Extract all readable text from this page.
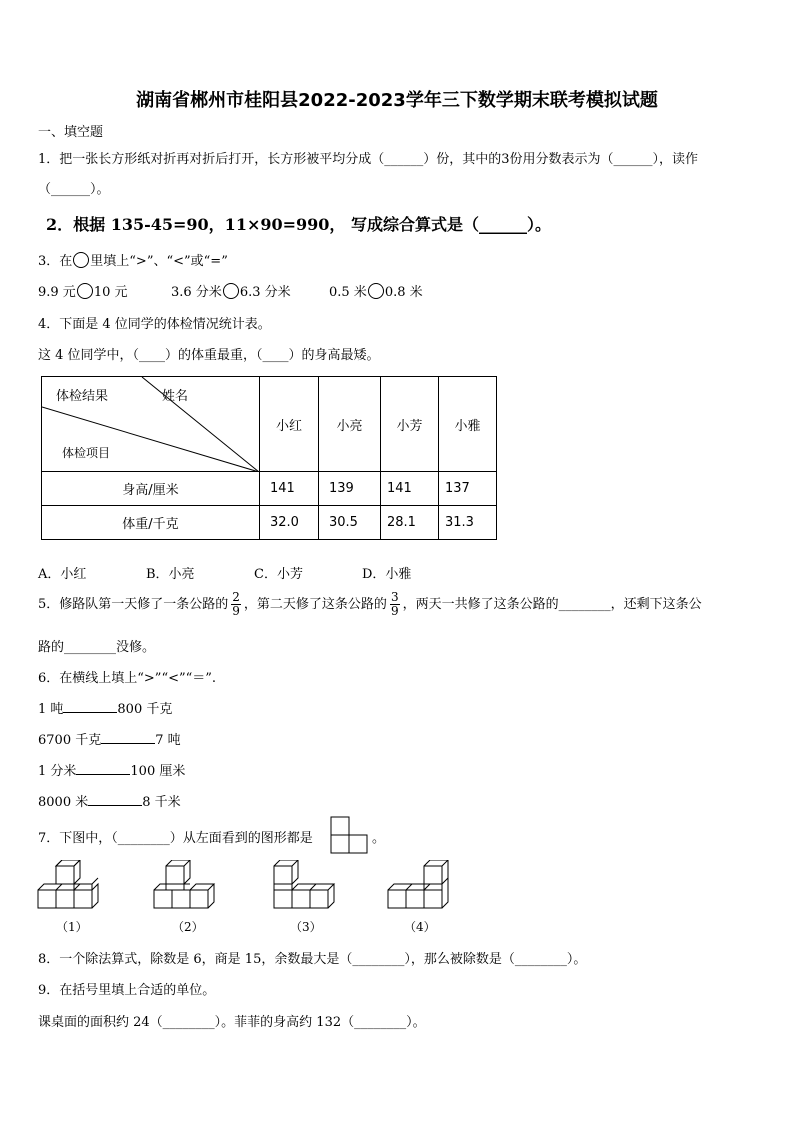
湖南省郴州市桂阳县2022-2023学年三下数学期末联考模拟试题
一、填空题
1．把一张长方形纸对折再对折后打开，长方形被平均分成（______）份，其中的3份用分数表示为（______），读作
（______）。
2．根据 135-45=90，11×90=990， 写成综合算式是（______）。
3．在 里填上“>”、“<”或“=”
9.9 元 10 元	3.6 分米 6.3 分米	0.5 米 0.8 米
4．下面是 4 位同学的体检情况统计表。
这 4 位同学中，（____）的体重最重，（____）的身高最矮。
体检结果 姓名
体检项目	小红	小亮	小芳	小雅
身高/厘米	141	139	141	137
体重/千克	32.0	30.5	28.1	31.3
A．小红	B．小亮	C．小芳	D．小雅
5．修路队第一天修了一条公路的 $\frac{2}{9}$ ，第二天修了这条公路的 $\frac{3}{9}$ ，两天一共修了这条公路的________，还剩下这条公
路的________没修。
6．在横线上填上“>”“<”“＝”.
1 吨	800 千克
6700 千克	7 吨
1 分米	100 厘米
8000 米	8 千米
7．下图中，（________）从左面看到的图形都是	。
（1）	（2）	（3）	（4）
8．一个除法算式，除数是 6，商是 15，余数最大是（________），那么被除数是（________）。
9．在括号里填上合适的单位。
课桌面的面积约 24（________）。菲菲的身高约 132（________）。
